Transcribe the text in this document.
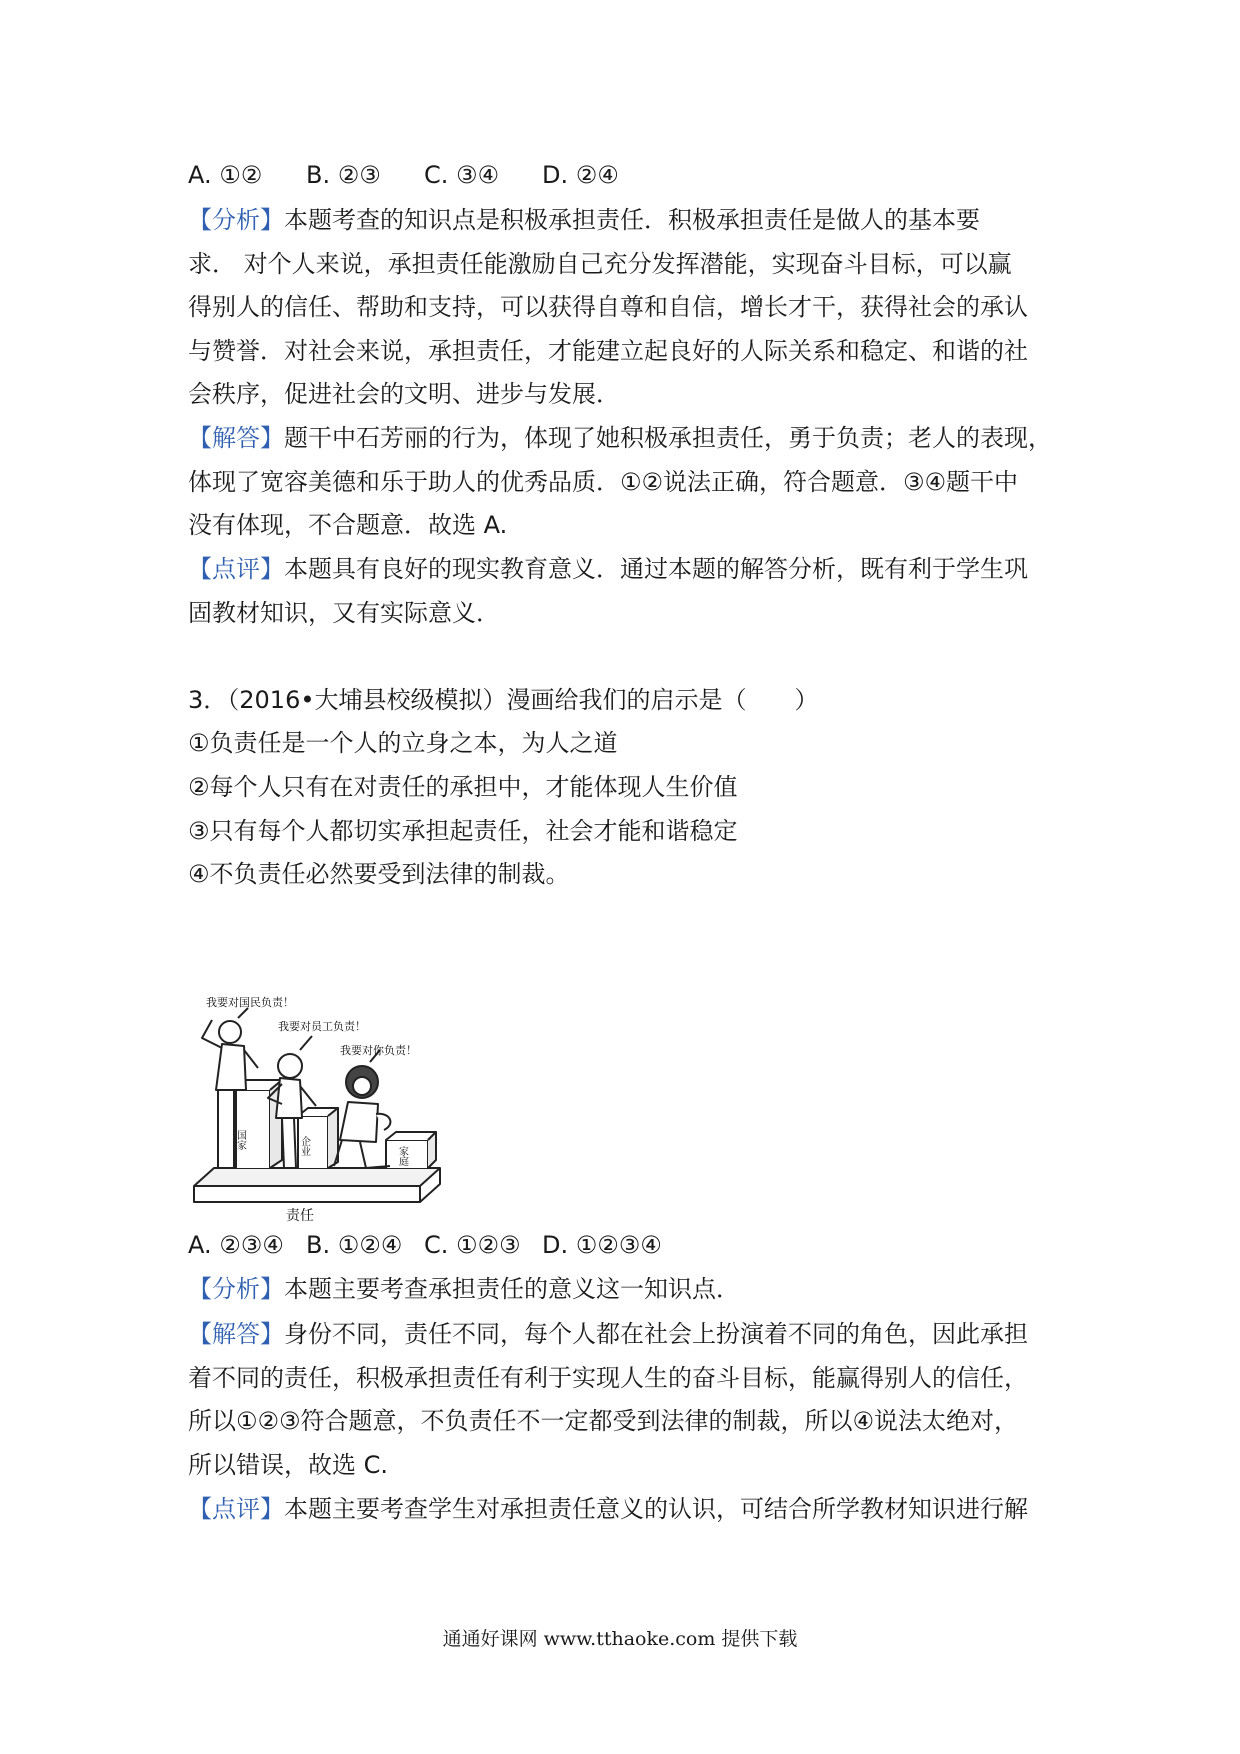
A. ①② B. ②③ C. ③④ D. ②④
【分析】本题考查的知识点是积极承担责任．积极承担责任是做人的基本要
求． 对个人来说，承担责任能激励自己充分发挥潜能，实现奋斗目标，可以赢
得别人的信任、帮助和支持，可以获得自尊和自信，增长才干，获得社会的承认
与赞誉．对社会来说，承担责任，才能建立起良好的人际关系和稳定、和谐的社
会秩序，促进社会的文明、进步与发展．
【解答】题干中石芳丽的行为，体现了她积极承担责任，勇于负责；老人的表现，
体现了宽容美德和乐于助人的优秀品质．①②说法正确，符合题意．③④题干中
没有体现，不合题意．故选 A.
【点评】本题具有良好的现实教育意义．通过本题的解答分析，既有利于学生巩
固教材知识，又有实际意义．
3．（2016•大埔县校级模拟）漫画给我们的启示是（　　）
①负责任是一个人的立身之本，为人之道
②每个人只有在对责任的承担中，才能体现人生价值
③只有每个人都切实承担起责任，社会才能和谐稳定
④不负责任必然要受到法律的制裁。
我要对国民负责！
我要对员工负责！
我要对你负责！
国家	企业	家庭
责任
A. ②③④ B. ①②④ C. ①②③ D. ①②③④
【分析】本题主要考查承担责任的意义这一知识点．
【解答】身份不同，责任不同，每个人都在社会上扮演着不同的角色，因此承担
着不同的责任，积极承担责任有利于实现人生的奋斗目标，能赢得别人的信任，
所以①②③符合题意，不负责任不一定都受到法律的制裁，所以④说法太绝对，
所以错误，故选 C.
【点评】本题主要考查学生对承担责任意义的认识，可结合所学教材知识进行解
通通好课网 www.tthaoke.com 提供下载
